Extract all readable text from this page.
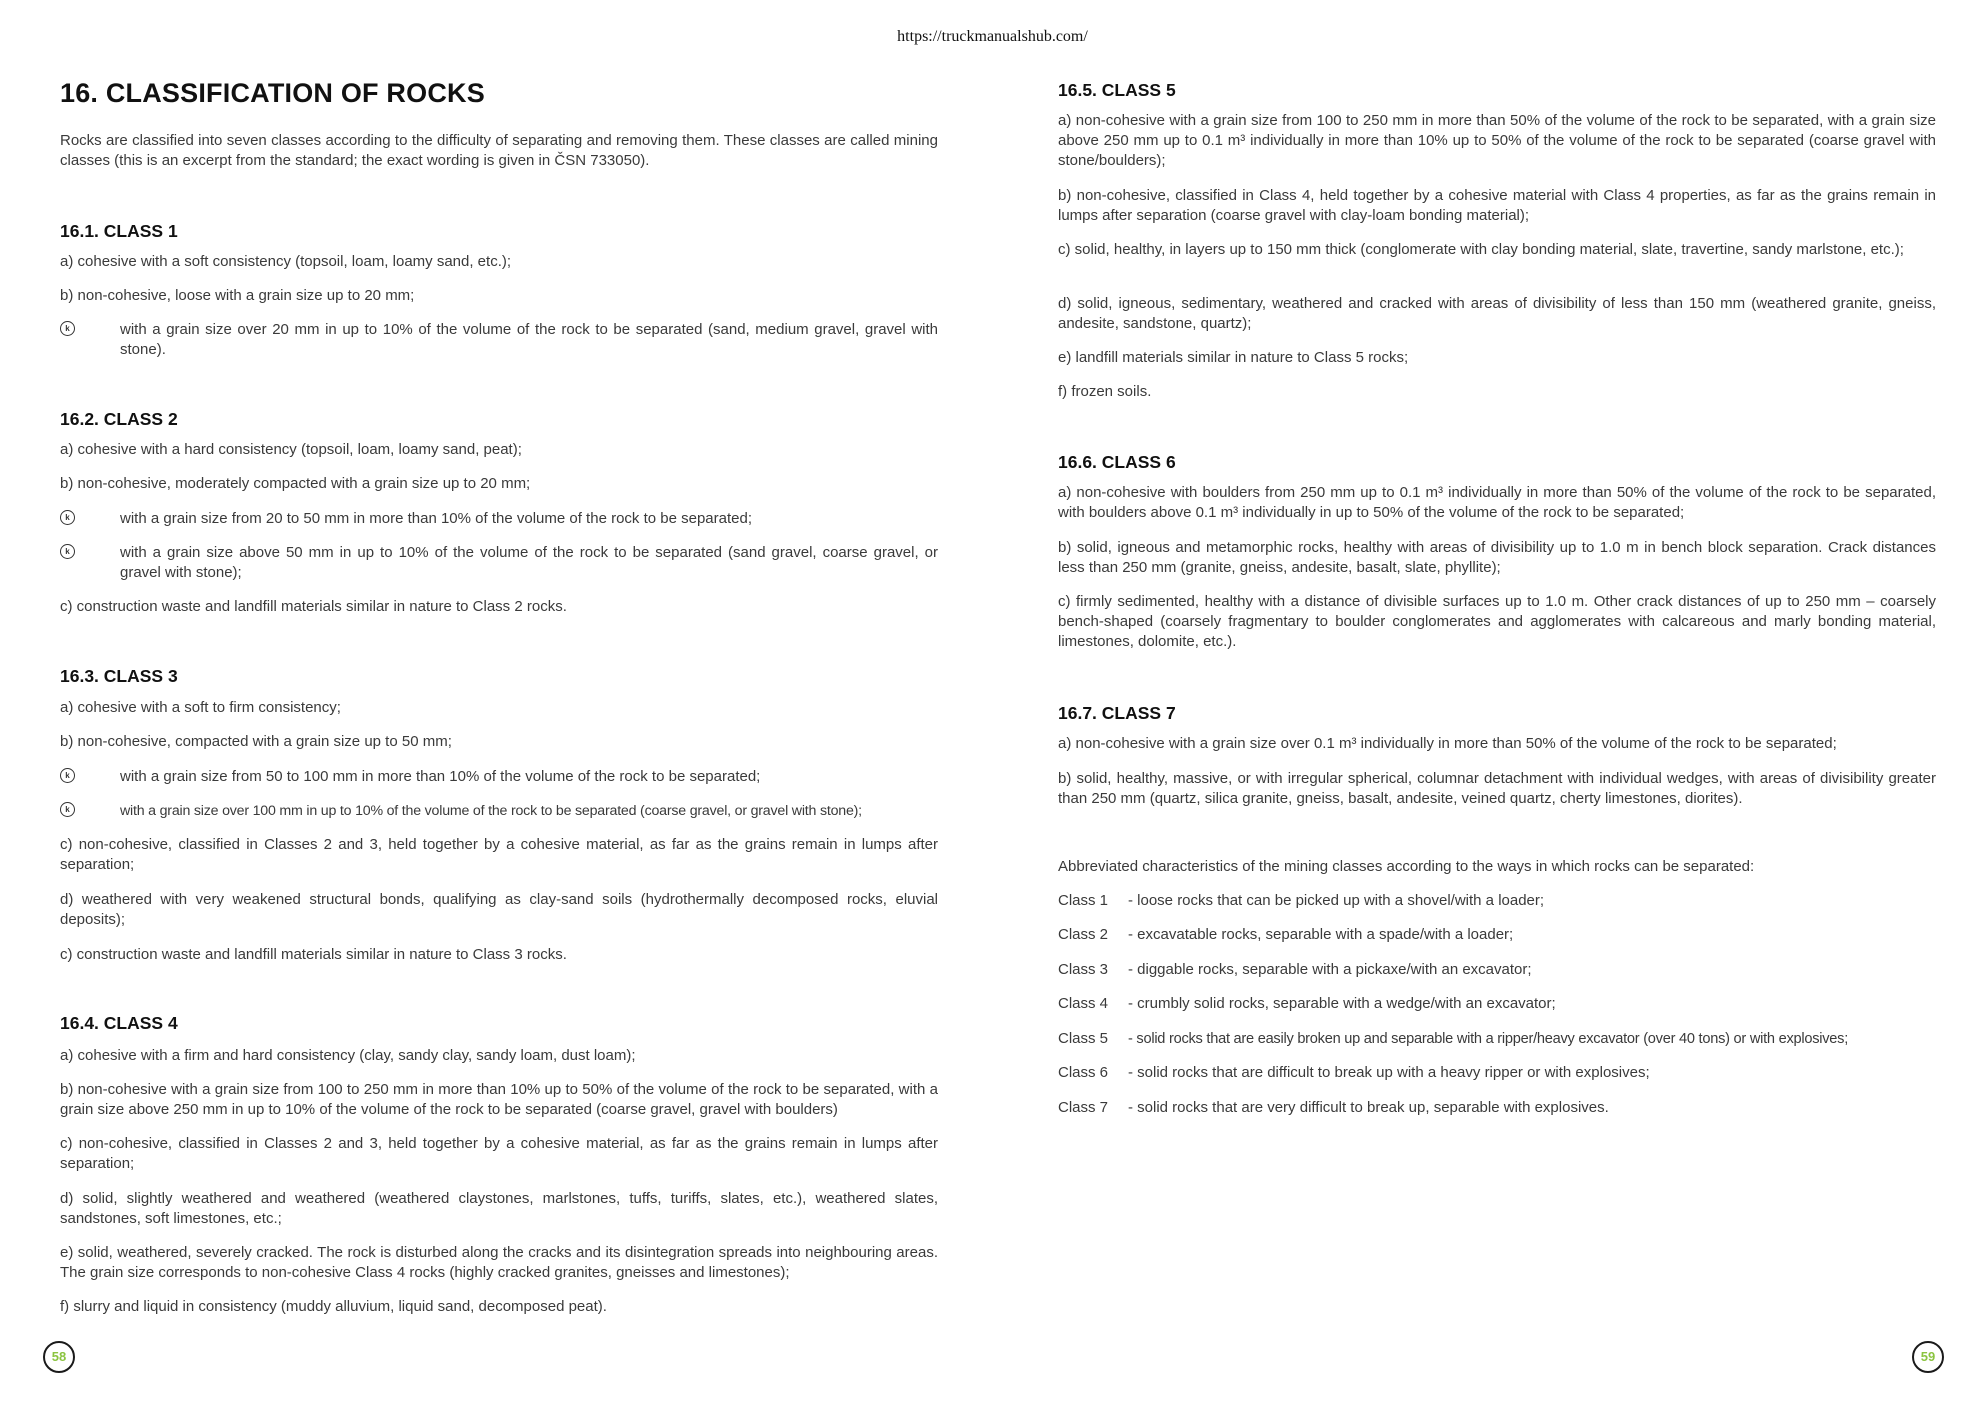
https://truckmanualshub.com/
16. CLASSIFICATION OF ROCKS

Rocks are classified into seven classes according to the difficulty of separating and removing them. These classes are called mining classes (this is an excerpt from the standard; the exact wording is given in ČSN 733050).

16.1. CLASS 1

a) cohesive with a soft consistency (topsoil, loam, loamy sand, etc.);

b) non-cohesive, loose with a grain size up to 20 mm;

k	with a grain size over 20 mm in up to 10% of the volume of the rock to be separated (sand, medium gravel, gravel with stone).

16.2. CLASS 2

a) cohesive with a hard consistency (topsoil, loam, loamy sand, peat);

b) non-cohesive, moderately compacted with a grain size up to 20 mm;

k	with a grain size from 20 to 50 mm in more than 10% of the volume of the rock to be separated;

k	with a grain size above 50 mm in up to 10% of the volume of the rock to be separated (sand gravel, coarse gravel, or gravel with stone);

c) construction waste and landfill materials similar in nature to Class 2 rocks.

16.3. CLASS 3

a) cohesive with a soft to firm consistency;

b) non-cohesive, compacted with a grain size up to 50 mm;

k	with a grain size from 50 to 100 mm in more than 10% of the volume of the rock to be separated;

k	with a grain size over 100 mm in up to 10% of the volume of the rock to be separated (coarse gravel, or gravel with stone);

c) non-cohesive, classified in Classes 2 and 3, held together by a cohesive material, as far as the grains remain in lumps after separation;

d) weathered with very weakened structural bonds, qualifying as clay-sand soils (hydrothermally decomposed rocks, eluvial deposits);

c) construction waste and landfill materials similar in nature to Class 3 rocks.

16.4. CLASS 4

a) cohesive with a firm and hard consistency (clay, sandy clay, sandy loam, dust loam);

b) non-cohesive with a grain size from 100 to 250 mm in more than 10% up to 50% of the volume of the rock to be separated, with a grain size above 250 mm in up to 10% of the volume of the rock to be separated (coarse gravel, gravel with boulders)

c) non-cohesive, classified in Classes 2 and 3, held together by a cohesive material, as far as the grains remain in lumps after separation;

d) solid, slightly weathered and weathered (weathered claystones, marlstones, tuffs, turiffs, slates, etc.), weathered slates, sandstones, soft limestones, etc.;

e) solid, weathered, severely cracked. The rock is disturbed along the cracks and its disintegration spreads into neighbouring areas. The grain size corresponds to non-cohesive Class 4 rocks (highly cracked granites, gneisses and limestones);

f) slurry and liquid in consistency (muddy alluvium, liquid sand, decomposed peat).

16.5. CLASS 5

a) non-cohesive with a grain size from 100 to 250 mm in more than 50% of the volume of the rock to be separated, with a grain size above 250 mm up to 0.1 m³ individually in more than 10% up to 50% of the volume of the rock to be separated (coarse gravel with stone/boulders);

b) non-cohesive, classified in Class 4, held together by a cohesive material with Class 4 properties, as far as the grains remain in lumps after separation (coarse gravel with clay-loam bonding material);

c) solid, healthy, in layers up to 150 mm thick (conglomerate with clay bonding material, slate, travertine, sandy marlstone, etc.);

d) solid, igneous, sedimentary, weathered and cracked with areas of divisibility of less than 150 mm (weathered granite, gneiss, andesite, sandstone, quartz);

e) landfill materials similar in nature to Class 5 rocks;

f) frozen soils.

16.6. CLASS 6

a) non-cohesive with boulders from 250 mm up to 0.1 m³ individually in more than 50% of the volume of the rock to be separated, with boulders above 0.1 m³ individually in up to 50% of the volume of the rock to be separated;

b) solid, igneous and metamorphic rocks, healthy with areas of divisibility up to 1.0 m in bench block separation. Crack distances less than 250 mm (granite, gneiss, andesite, basalt, slate, phyllite);

c) firmly sedimented, healthy with a distance of divisible surfaces up to 1.0 m. Other crack distances of up to 250 mm – coarsely bench-shaped (coarsely fragmentary to boulder conglomerates and agglomerates with calcareous and marly bonding material, limestones, dolomite, etc.).

16.7. CLASS 7

a) non-cohesive with a grain size over 0.1 m³ individually in more than 50% of the volume of the rock to be separated;

b) solid, healthy, massive, or with irregular spherical, columnar detachment with individual wedges, with areas of divisibility greater than 250 mm (quartz, silica granite, gneiss, basalt, andesite, veined quartz, cherty limestones, diorites).

Abbreviated characteristics of the mining classes according to the ways in which rocks can be separated:

Class 1 - loose rocks that can be picked up with a shovel/with a loader;
Class 2 - excavatable rocks, separable with a spade/with a loader;
Class 3 - diggable rocks, separable with a pickaxe/with an excavator;
Class 4 - crumbly solid rocks, separable with a wedge/with an excavator;
Class 5 - solid rocks that are easily broken up and separable with a ripper/heavy excavator (over 40 tons) or with explosives;
Class 6 - solid rocks that are difficult to break up with a heavy ripper or with explosives;
Class 7 - solid rocks that are very difficult to break up, separable with explosives.
58	59
